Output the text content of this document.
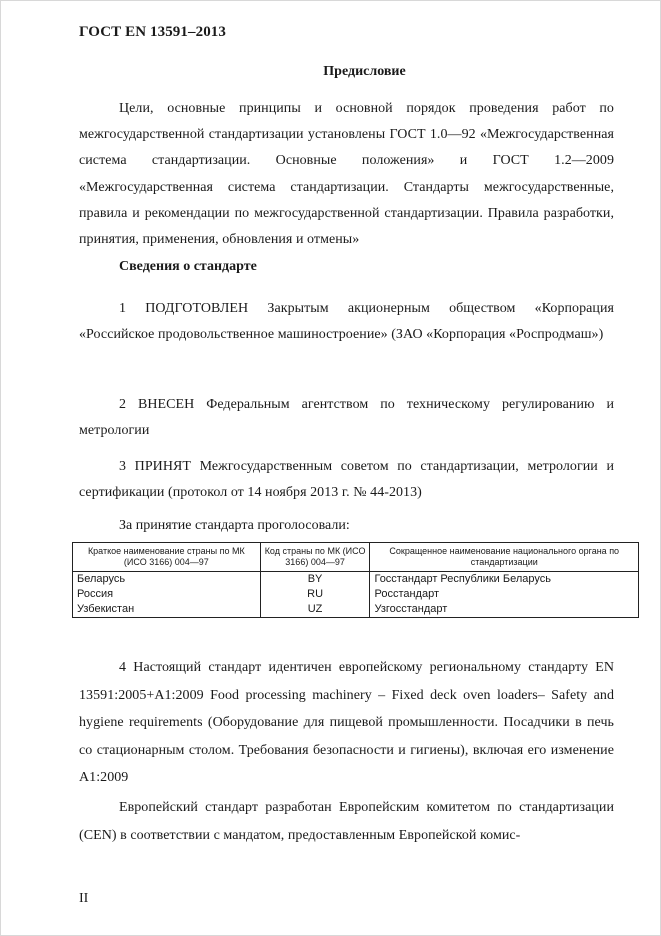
ГОСТ EN 13591–2013
Предисловие
Цели, основные принципы и основной порядок проведения работ по межгосударственной стандартизации установлены ГОСТ 1.0—92 «Межгосударственная система стандартизации. Основные положения» и ГОСТ 1.2—2009 «Межгосударственная система стандартизации. Стандарты межгосударственные, правила и рекомендации по межгосударственной стандартизации. Правила разработки, принятия, применения, обновления и отмены»
Сведения о стандарте
1 ПОДГОТОВЛЕН Закрытым акционерным обществом «Корпорация «Российское продовольственное машиностроение» (ЗАО «Корпорация «Роспродмаш»)
2 ВНЕСЕН Федеральным агентством по техническому регулированию и метрологии
3 ПРИНЯТ Межгосударственным советом по стандартизации, метрологии и сертификации (протокол от 14 ноября 2013 г. № 44-2013)
За принятие стандарта проголосовали:
Краткое наименование страны по МК (ИСО 3166) 004—97	Код страны по МК (ИСО 3166) 004—97	Сокращенное наименование национального органа по стандартизации
Беларусь	BY	Госстандарт Республики Беларусь
Россия	RU	Росстандарт
Узбекистан	UZ	Узгосстандарт
4 Настоящий стандарт идентичен европейскому региональному стандарту EN 13591:2005+A1:2009 Food processing machinery – Fixed deck oven loaders– Safety and hygiene requirements (Оборудование для пищевой промышленности. Посадчики в печь со стационарным столом. Требования безопасности и гигиены), включая его изменение A1:2009
Европейский стандарт разработан Европейским комитетом по стандартизации (CEN) в соответствии с мандатом, предоставленным Европейской комис-
II
